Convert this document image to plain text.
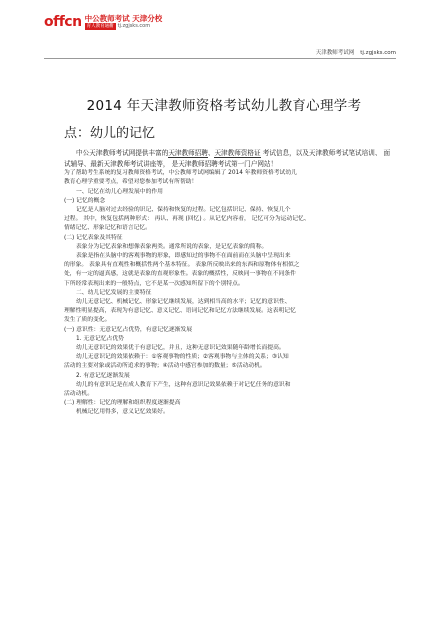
offcn 中公教师考试 天津分校
育人教育通衢 tj.zgjsks.com
天津教师考试网 tj.zgjsks.com
2014 年天津教师资格考试幼儿教育心理学考
点：幼儿的记忆

中公天津教师考试网提供丰富的天津教师招聘、天津教师资格证 考试信息，以及天津教师考试笔试培训、 面试辅导、最新天津教师考试讲座等， 是天津教师招聘考试第一门户网站！

为了帮助考生系统的复习教师资格考试，中公教师考试网编辑了 2014 年教师资格考试幼儿

教育心理学重要考点，希望对您参加考试有所帮助！

一、记忆在幼儿心理发展中的作用

(一) 记忆的概念

记忆是人脑对过去经验的识记、保持和恢复的过程。记忆包括识记、保持、恢复几个

过程。 其中，恢复包括两种形式： 再认、再现 (回忆) 。从记忆内容看， 记忆可分为运动记忆、

情绪记忆、形象记忆和语言记忆。

(二) 记忆表象及其特征

表象分为记忆表象和想像表象两类。通常所说的表象，是记忆表象的简称。

表象是指在头脑中的客观事物的形象，即感知过的事物不在面前而在头脑中呈现出来

的形象。 表象具有直观性和概括性两个基本特征。 表象所反映出来的东西和原物体有相似之

处，有一定的逼真感，这就是表象的直观形象性。表象的概括性，反映同一事物在不同条件

下所经常表现出来的一般特点，它不是某一次感知所留下的个别特点。

二、幼儿记忆发展的主要特征

幼儿无意记忆、机械记忆、形象记忆继续发展，达到相当高的水平；记忆的意识性、

理解性明显提高，表现为有意记忆、意义记忆、语词记忆和记忆方法继续发展。这表明记忆

发生了质的变化。

(一) 意识性：无意记忆占优势，有意记忆逐渐发展

1. 无意记忆占优势

幼儿无意识记的效果优于有意记忆，并且，这种无意识记效果随年龄增长而提高。

幼儿无意识记的效果依赖于：①客观事物的性质；②客观事物与主体的关系；③认知

活动的主要对象或活动所追求的事物；④活动中感官参加的数量；⑤活动动机。

2. 有意记忆逐渐发展

幼儿的有意识记是在成人教育下产生，这种有意识记效果依赖于对记忆任务的意识和

活动动机。

(二) 理解性：记忆的理解和组织程度逐渐提高

机械记忆用得多，意义记忆效果好。
